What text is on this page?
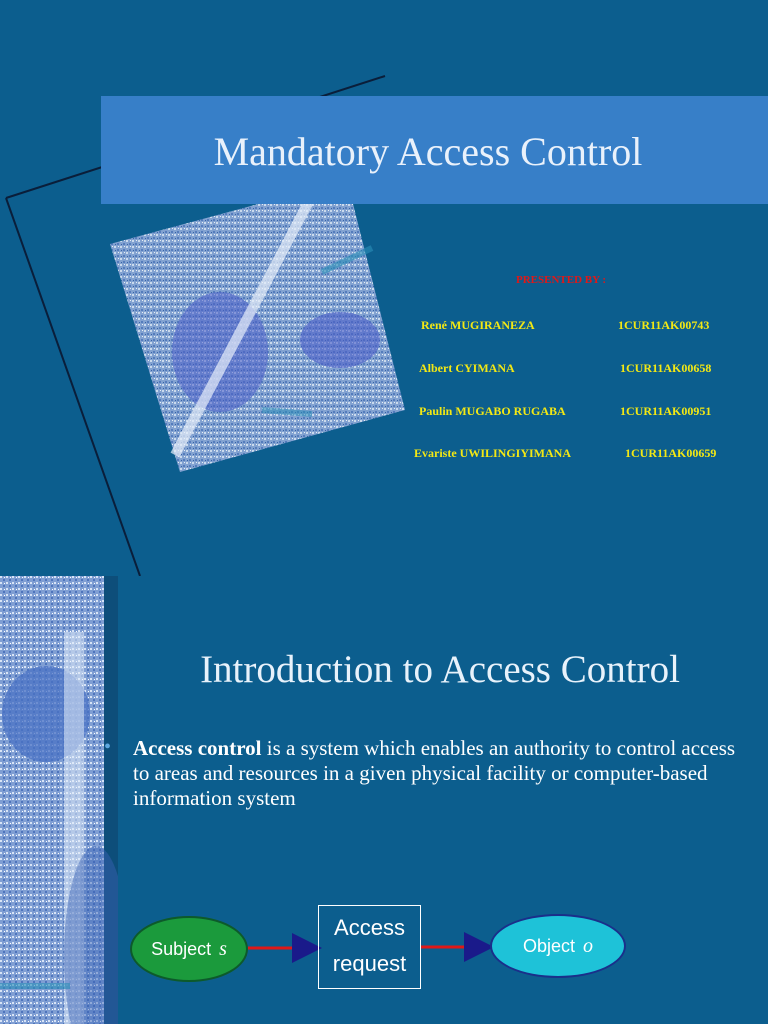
Mandatory Access Control
PRESENTED BY :
René MUGIRANEZA	1CUR11AK00743
Albert CYIMANA	1CUR11AK00658
Paulin MUGABO RUGABA	1CUR11AK00951
Evariste UWILINGIYIMANA	1CUR11AK00659
Introduction to Access Control
• Access control is a system which enables an authority to control access to areas and resources in a given physical facility or computer-based information system
Subject s
Access
request
Object o
